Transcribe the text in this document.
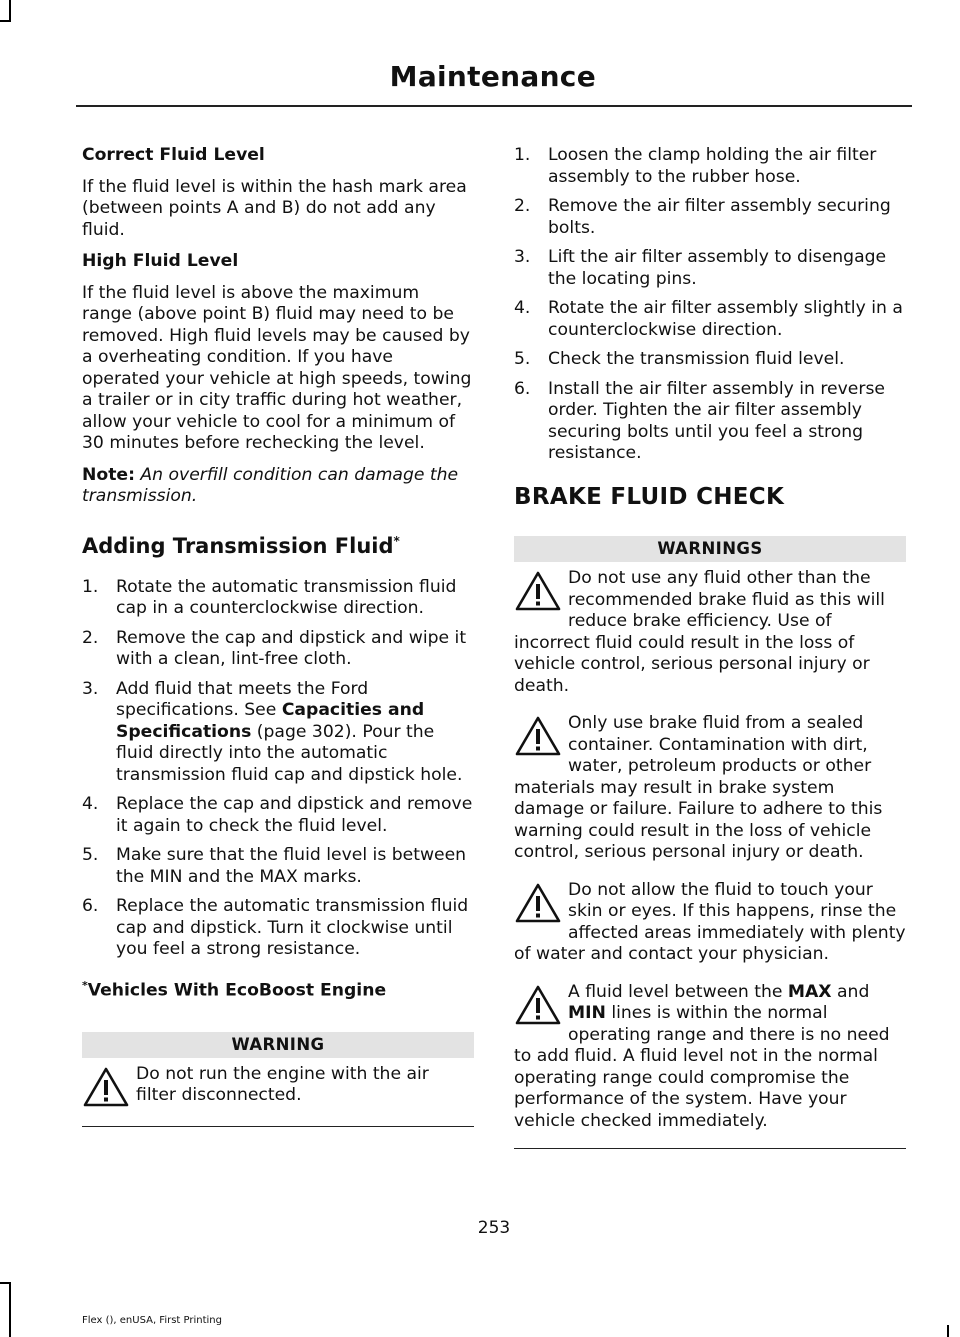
Maintenance
Correct Fluid Level

If the fluid level is within the hash mark area (between points A and B) do not add any fluid.

High Fluid Level

If the fluid level is above the maximum range (above point B) fluid may need to be removed. High fluid levels may be caused by a overheating condition. If you have operated your vehicle at high speeds, towing a trailer or in city traffic during hot weather, allow your vehicle to cool for a minimum of 30 minutes before rechecking the level.

Note: An overfill condition can damage the transmission.

Adding Transmission Fluid*
1. Rotate the automatic transmission fluid cap in a counterclockwise direction.
2. Remove the cap and dipstick and wipe it with a clean, lint-free cloth.
3. Add fluid that meets the Ford specifications. See Capacities and Specifications (page 302). Pour the fluid directly into the automatic transmission fluid cap and dipstick hole.
4. Replace the cap and dipstick and remove it again to check the fluid level.
5. Make sure that the fluid level is between the MIN and the MAX marks.
6. Replace the automatic transmission fluid cap and dipstick. Turn it clockwise until you feel a strong resistance.
*Vehicles With EcoBoost Engine
WARNING
Do not run the engine with the air filter disconnected.
1. Loosen the clamp holding the air filter assembly to the rubber hose.
2. Remove the air filter assembly securing bolts.
3. Lift the air filter assembly to disengage the locating pins.
4. Rotate the air filter assembly slightly in a counterclockwise direction.
5. Check the transmission fluid level.
6. Install the air filter assembly in reverse order. Tighten the air filter assembly securing bolts until you feel a strong resistance.
BRAKE FLUID CHECK
WARNINGS
Do not use any fluid other than the recommended brake fluid as this will reduce brake efficiency. Use of incorrect fluid could result in the loss of vehicle control, serious personal injury or death.
Only use brake fluid from a sealed container. Contamination with dirt, water, petroleum products or other materials may result in brake system damage or failure. Failure to adhere to this warning could result in the loss of vehicle control, serious personal injury or death.
Do not allow the fluid to touch your skin or eyes. If this happens, rinse the affected areas immediately with plenty of water and contact your physician.
A fluid level between the MAX and MIN lines is within the normal operating range and there is no need to add fluid. A fluid level not in the normal operating range could compromise the performance of the system. Have your vehicle checked immediately.
253
Flex (), enUSA, First Printing
